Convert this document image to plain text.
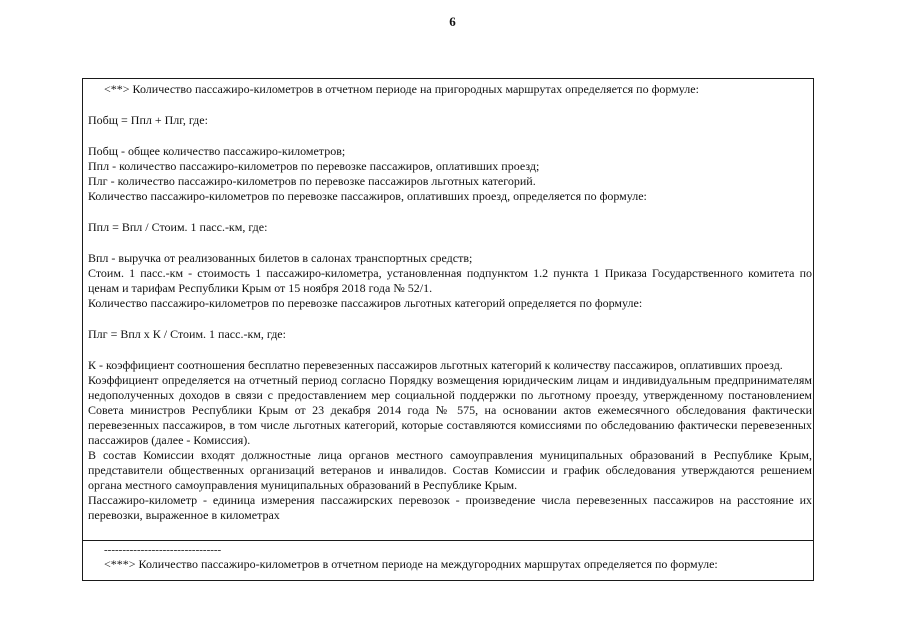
6

<**> Количество пассажиро-километров в отчетном периоде на пригородных маршрутах определяется по формуле:

Побщ = Ппл + Плг, где:

Побщ - общее количество пассажиро-километров;

Ппл - количество пассажиро-километров по перевозке пассажиров, оплативших проезд;

Плг - количество пассажиро-километров по перевозке пассажиров льготных категорий.

Количество пассажиро-километров по перевозке пассажиров, оплативших проезд, определяется по формуле:

Ппл = Впл / Стоим. 1 пасс.-км, где:

Впл - выручка от реализованных билетов в салонах транспортных средств;

Стоим. 1 пасс.-км - стоимость 1 пассажиро-километра, установленная подпунктом 1.2 пункта 1 Приказа Государственного комитета по ценам и тарифам Республики Крым от 15 ноября 2018 года № 52/1.

Количество пассажиро-километров по перевозке пассажиров льготных категорий определяется по формуле:

Плг = Впл х К / Стоим. 1 пасс.-км, где:

К - коэффициент соотношения бесплатно перевезенных пассажиров льготных категорий к количеству пассажиров, оплативших проезд.

Коэффициент определяется на отчетный период согласно Порядку возмещения юридическим лицам и индивидуальным предпринимателям недополученных доходов в связи с предоставлением мер социальной поддержки по льготному проезду, утвержденному постановлением Совета министров Республики Крым от 23 декабря 2014 года № 575, на основании актов ежемесячного обследования фактически перевезенных пассажиров, в том числе льготных категорий, которые составляются комиссиями по обследованию фактически перевезенных пассажиров (далее - Комиссия).

В состав Комиссии входят должностные лица органов местного самоуправления муниципальных образований в Республике Крым, представители общественных организаций ветеранов и инвалидов. Состав Комиссии и график обследования утверждаются решением органа местного самоуправления муниципальных образований в Республике Крым.

Пассажиро-километр - единица измерения пассажирских перевозок - произведение числа перевезенных пассажиров на расстояние их перевозки, выраженное в километрах

--------------------------------

<***> Количество пассажиро-километров в отчетном периоде на междугородних маршрутах определяется по формуле:
